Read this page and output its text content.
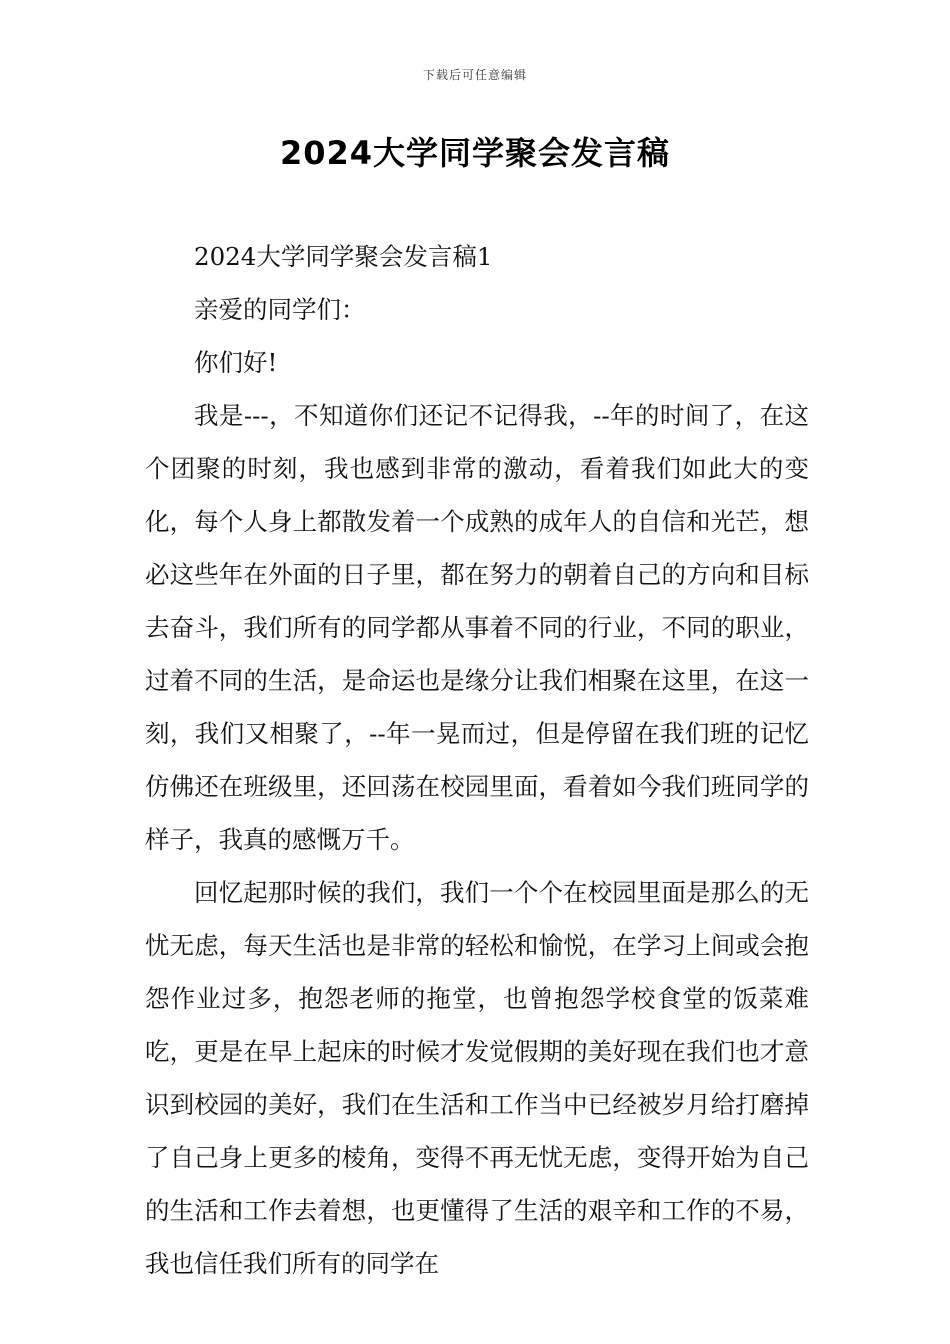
下载后可任意编辑
2024大学同学聚会发言稿

2024大学同学聚会发言稿1

亲爱的同学们：

你们好!

我是---，不知道你们还记不记得我，--年的时间了，在这个团聚的时刻，我也感到非常的激动，看着我们如此大的变化，每个人身上都散发着一个成熟的成年人的自信和光芒，想必这些年在外面的日子里，都在努力的朝着自己的方向和目标去奋斗，我们所有的同学都从事着不同的行业，不同的职业，过着不同的生活，是命运也是缘分让我们相聚在这里，在这一刻，我们又相聚了，--年一晃而过，但是停留在我们班的记忆仿佛还在班级里，还回荡在校园里面，看着如今我们班同学的样子，我真的感慨万千。

回忆起那时候的我们，我们一个个在校园里面是那么的无忧无虑，每天生活也是非常的轻松和愉悦，在学习上间或会抱怨作业过多，抱怨老师的拖堂，也曾抱怨学校食堂的饭菜难吃，更是在早上起床的时候才发觉假期的美好现在我们也才意识到校园的美好，我们在生活和工作当中已经被岁月给打磨掉了自己身上更多的棱角，变得不再无忧无虑，变得开始为自己的生活和工作去着想，也更懂得了生活的艰辛和工作的不易，我也信任我们所有的同学在
